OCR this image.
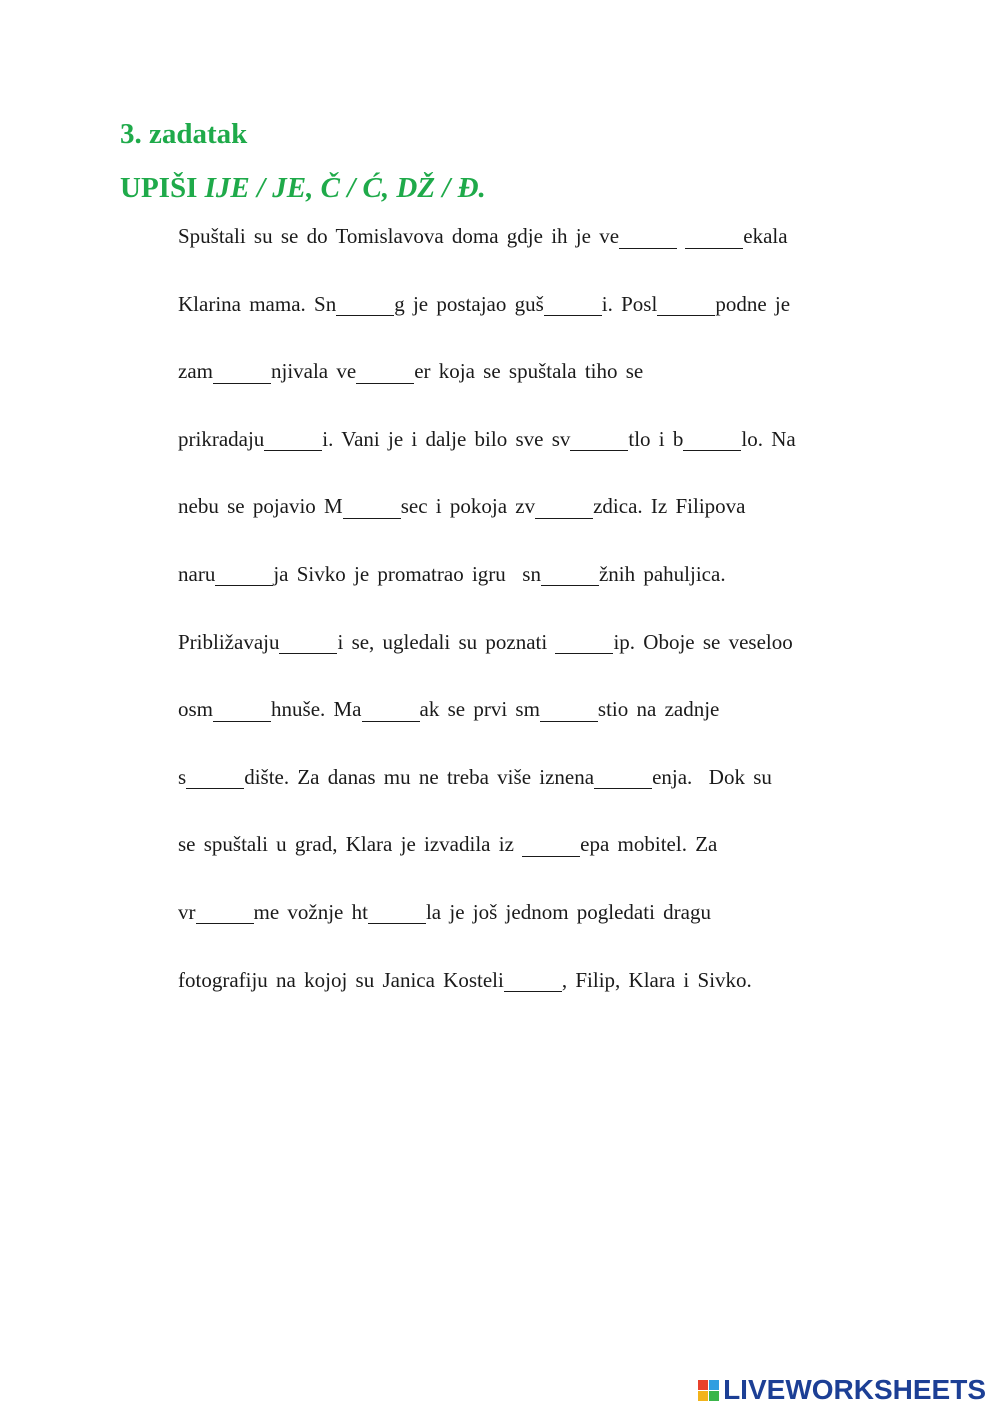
3. zadatak
UPIŠI IJE / JE, Č / Ć, DŽ / Đ.
Spuštali su se do Tomislavova doma gdje ih je ve	ekala
Klarina mama. Sn	g je postajao guš	i. Posl	podne je
zam	njivala ve	er koja se spuštala tiho se
prikradaju	i. Vani je i dalje bilo sve sv	tlo i b	lo. Na
nebu se pojavio M	sec i pokoja zv	zdica. Iz Filipova
naru	ja Sivko je promatrao igru  sn	žnih pahuljica.
Približavaju	i se, ugledali su poznati	ip. Oboje se veseloo
osm	hnuše. Ma	ak se prvi sm	stio na zadnje
s	dište. Za danas mu ne treba više iznena	enja.  Dok su
se spuštali u grad, Klara je izvadila iz	epa mobitel. Za
vr	me vožnje ht	la je još jednom pogledati dragu
fotografiju na kojoj su Janica Kosteli	, Filip, Klara i Sivko.
LIVEWORKSHEETS
